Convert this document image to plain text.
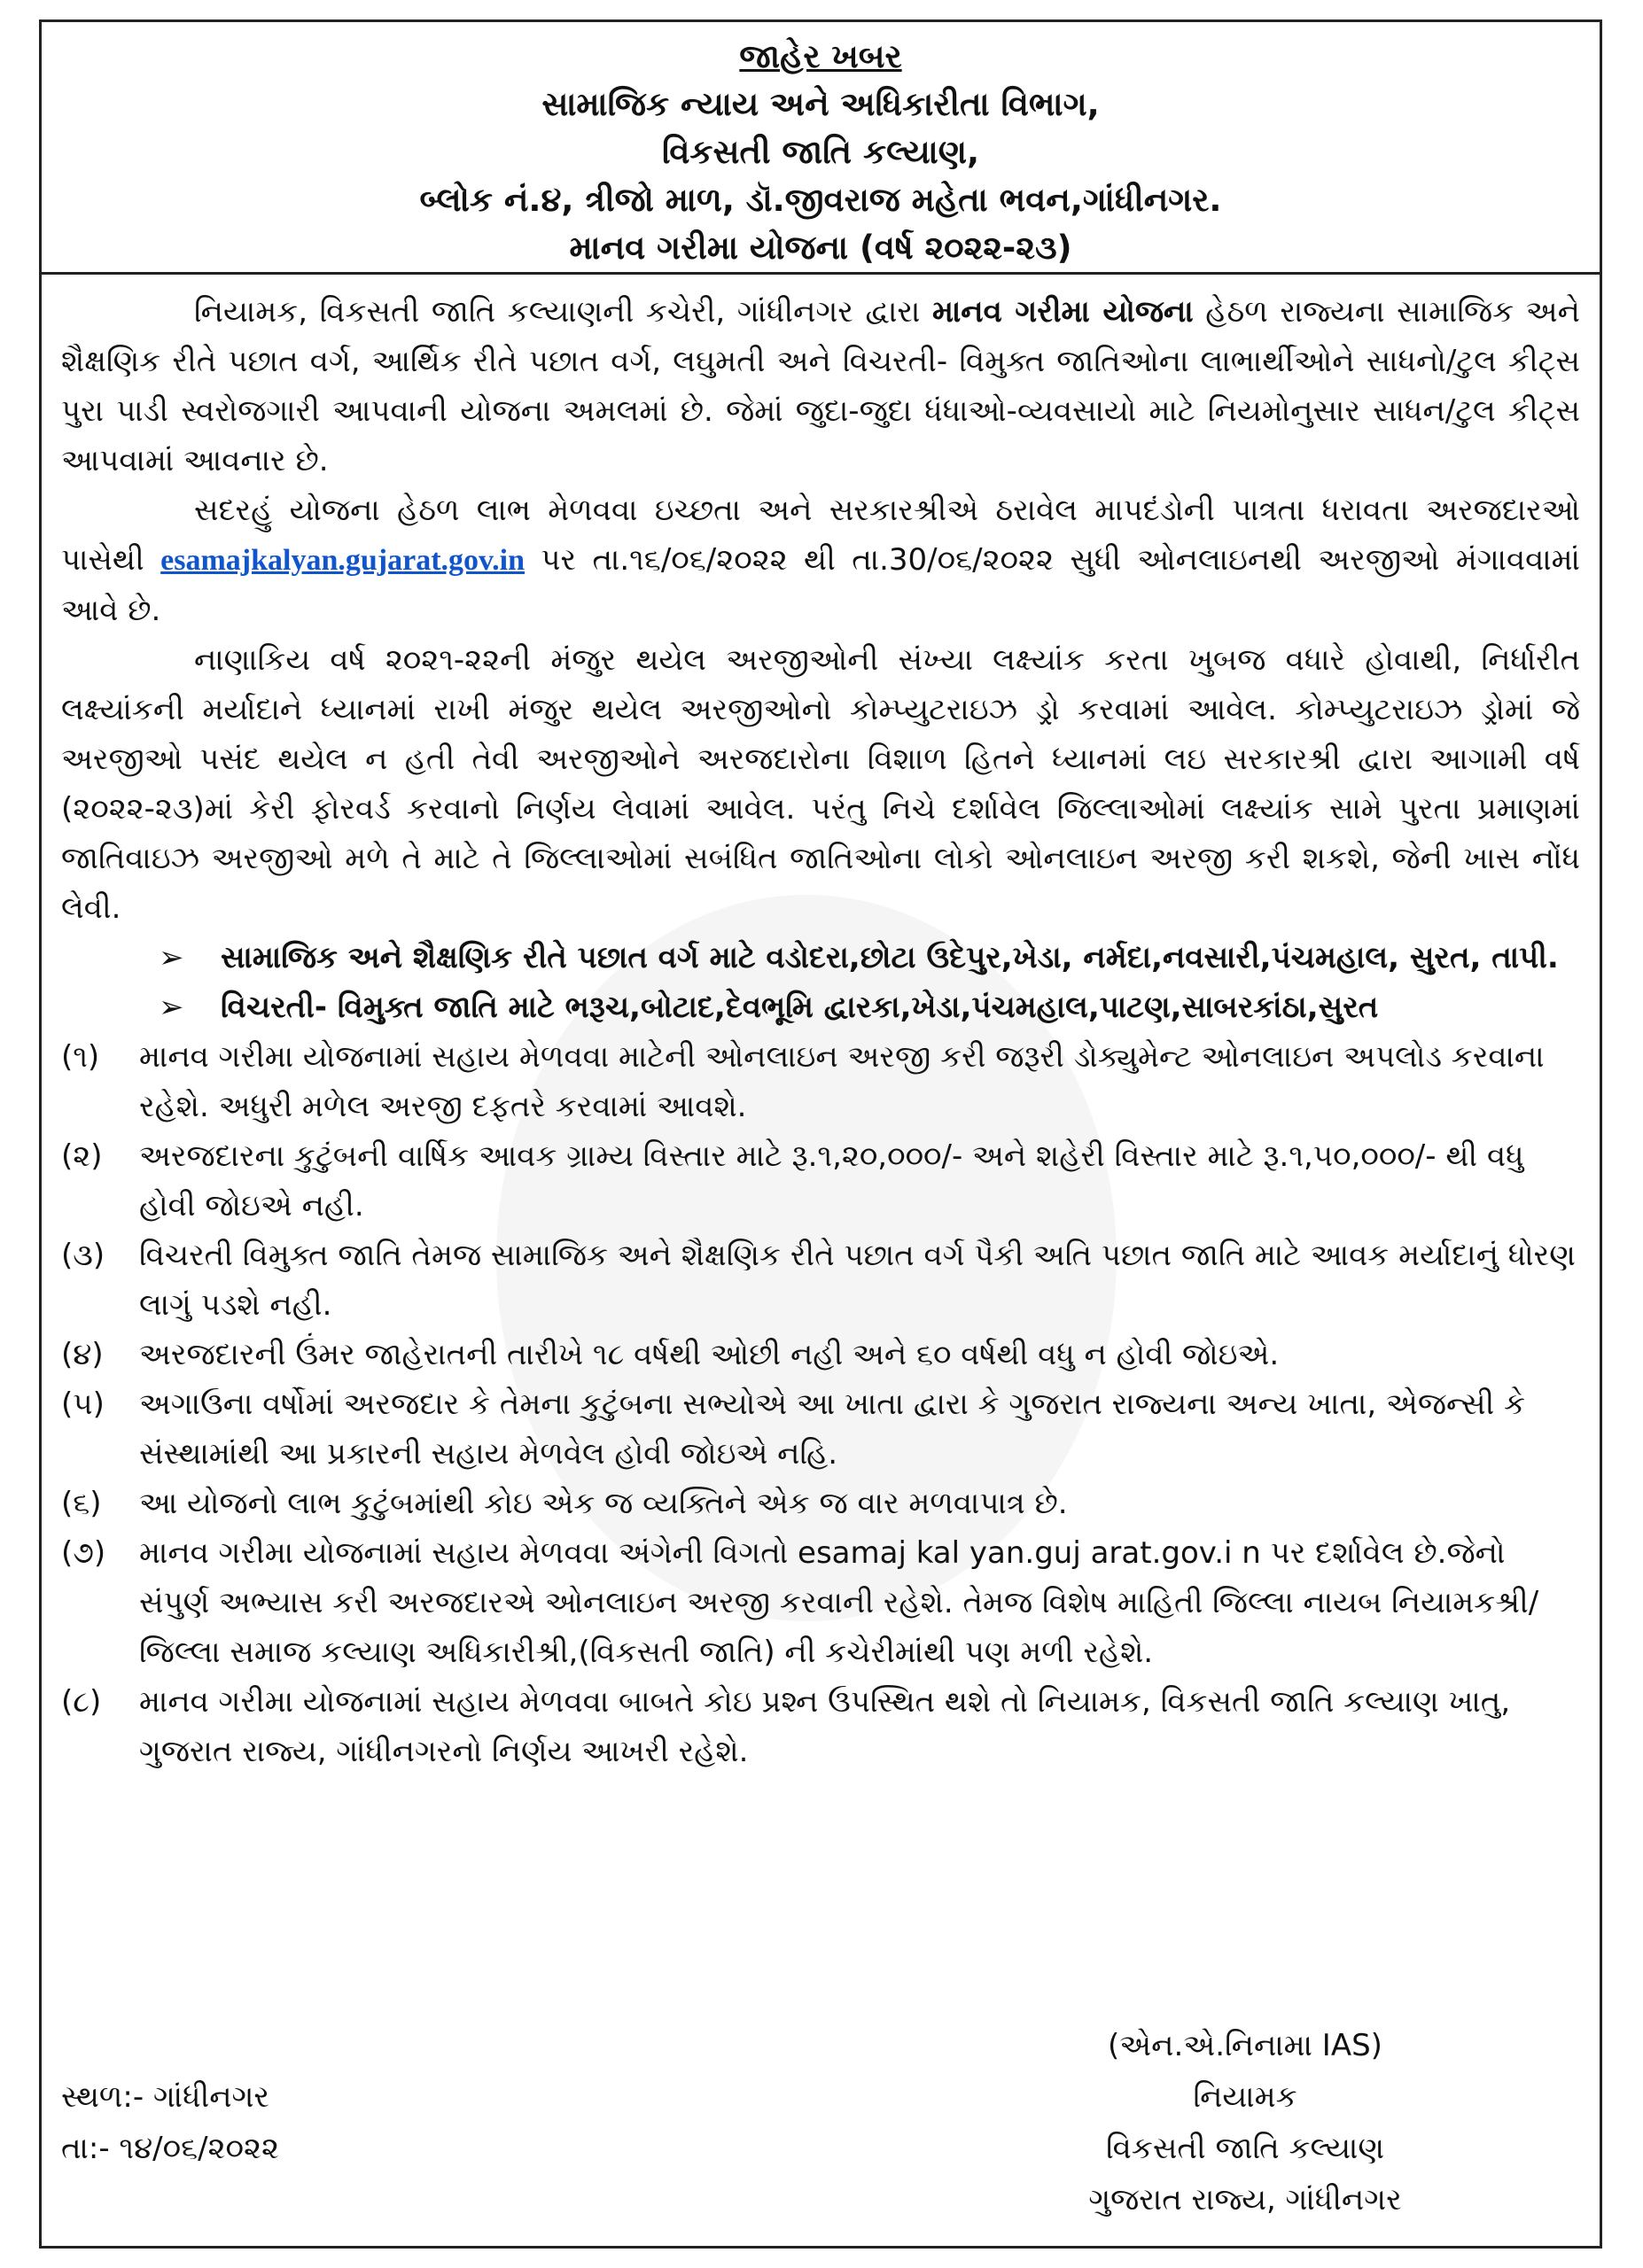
જાહેર ખબર
સામાજિક ન્યાય અને અધિકારીતા વિભાગ,
વિકસતી જાતિ કલ્યાણ,
બ્લોક નં.૪, ત્રીજો માળ, ડૉ.જીવરાજ મહેતા ભવન,ગાંધીનગર.
માનવ ગરીમા યોજના (વર્ષ ૨૦૨૨-૨૩)

નિયામક, વિકસતી જાતિ કલ્યાણની કચેરી, ગાંધીનગર દ્વારા માનવ ગરીમા યોજના હેઠળ રાજ્યના સામાજિક અને શૈક્ષણિક રીતે પછાત વર્ગ, આર્થિક રીતે પછાત વર્ગ, લઘુમતી અને વિચરતી- વિમુક્ત જાતિઓના લાભાર્થીઓને સાધનો/ટુલ કીટ્સ પુરા પાડી સ્વરોજગારી આપવાની યોજના અમલમાં છે. જેમાં જુદા-જુદા ધંધાઓ-વ્યવસાયો માટે નિયમોનુસાર સાધન/ટુલ કીટ્સ આપવામાં આવનાર છે.

સદરહું યોજના હેઠળ લાભ મેળવવા ઇચ્છતા અને સરકારશ્રીએ ઠરાવેલ માપદંડોની પાત્રતા ધરાવતા અરજદારઓ પાસેથી esamajkalyan.gujarat.gov.in પર તા.૧૬/૦૬/૨૦૨૨ થી તા.30/૦૬/૨૦૨૨ સુધી ઓનલાઇનથી અરજીઓ મંગાવવામાં આવે છે.

નાણાકિય વર્ષ ૨૦૨૧-૨૨ની મંજુર થયેલ અરજીઓની સંખ્યા લક્ષ્યાંક કરતા ખુબજ વધારે હોવાથી, નિર્ધારીત લક્ષ્યાંકની મર્યાદાને ધ્યાનમાં રાખી મંજુર થયેલ અરજીઓનો કોમ્પ્યુટરાઇઝ ડ્રો કરવામાં આવેલ. કોમ્પ્યુટરાઇઝ ડ્રોમાં જે અરજીઓ પસંદ થયેલ ન હતી તેવી અરજીઓને અરજદારોના વિશાળ હિતને ધ્યાનમાં લઇ સરકારશ્રી દ્વારા આગામી વર્ષ (૨૦૨૨-૨૩)માં કેરી ફોરવર્ડ કરવાનો નિર્ણય લેવામાં આવેલ. પરંતુ નિચે દર્શાવેલ જિલ્લાઓમાં લક્ષ્યાંક સામે પુરતા પ્રમાણમાં જાતિવાઇઝ અરજીઓ મળે તે માટે તે જિલ્લાઓમાં સબંધિત જાતિઓના લોકો ઓનલાઇન અરજી કરી શકશે, જેની ખાસ નોંધ લેવી.

➢	સામાજિક અને શૈક્ષણિક રીતે પછાત વર્ગ માટે વડોદરા,છોટા ઉદેપુર,ખેડા, નર્મદા,નવસારી,પંચમહાલ, સુરત, તાપી.
➢	વિચરતી- વિમુક્ત જાતિ માટે ભરૂચ,બોટાદ,દેવભૂમિ દ્વારકા,ખેડા,પંચમહાલ,પાટણ,સાબરકાંઠા,સુરત
(૧)	માનવ ગરીમા યોજનામાં સહાય મેળવવા માટેની ઓનલાઇન અરજી કરી જરૂરી ડોક્યુમેન્ટ ઓનલાઇન અપલોડ કરવાના રહેશે. અધુરી મળેલ અરજી દફતરે કરવામાં આવશે.
(૨)	અરજદારના કુટુંબની વાર્ષિક આવક ગ્રામ્ય વિસ્તાર માટે રૂ.૧,૨૦,૦૦૦/- અને શહેરી વિસ્તાર માટે રૂ.૧,૫૦,૦૦૦/- થી વધુ હોવી જોઇએ નહી.
(૩)	વિચરતી વિમુક્ત જાતિ તેમજ સામાજિક અને શૈક્ષણિક રીતે પછાત વર્ગ પૈકી અતિ પછાત જાતિ માટે આવક મર્યાદાનું ધોરણ લાગું પડશે નહી.
(૪)	અરજદારની ઉંમર જાહેરાતની તારીખે ૧૮ વર્ષથી ઓછી નહી અને ૬૦ વર્ષથી વધુ ન હોવી જોઇએ.
(૫)	અગાઉના વર્ષોમાં અરજદાર કે તેમના કુટુંબના સભ્યોએ આ ખાતા દ્વારા કે ગુજરાત રાજ્યના અન્ય ખાતા, એજન્સી કે સંસ્થામાંથી આ પ્રકારની સહાય મેળવેલ હોવી જોઇએ નહિ.
(૬)	આ યોજનો લાભ કુટુંબમાંથી કોઇ એક જ વ્યક્તિને એક જ વાર મળવાપાત્ર છે.
(૭)	માનવ ગરીમા યોજનામાં સહાય મેળવવા અંગેની વિગતો esamaj kal yan.guj arat.gov.i n પર દર્શાવેલ છે.જેનો સંપુર્ણ અભ્યાસ કરી અરજદારએ ઓનલાઇન અરજી કરવાની રહેશે. તેમજ વિશેષ માહિતી જિલ્લા નાયબ નિયામકશ્રી/જિલ્લા સમાજ કલ્યાણ અધિકારીશ્રી,(વિકસતી જાતિ) ની કચેરીમાંથી પણ મળી રહેશે.
(૮)	માનવ ગરીમા યોજનામાં સહાય મેળવવા બાબતે કોઇ પ્રશ્ન ઉપસ્થિત થશે તો નિયામક, વિકસતી જાતિ કલ્યાણ ખાતુ, ગુજરાત રાજ્ય, ગાંધીનગરનો નિર્ણય આખરી રહેશે.
સ્થળ:- ગાંધીનગર
તા:- ૧૪/૦૬/૨૦૨૨
(એન.એ.નિનામા IAS)
નિયામક
વિકસતી જાતિ કલ્યાણ
ગુજરાત રાજ્ય, ગાંધીનગર
